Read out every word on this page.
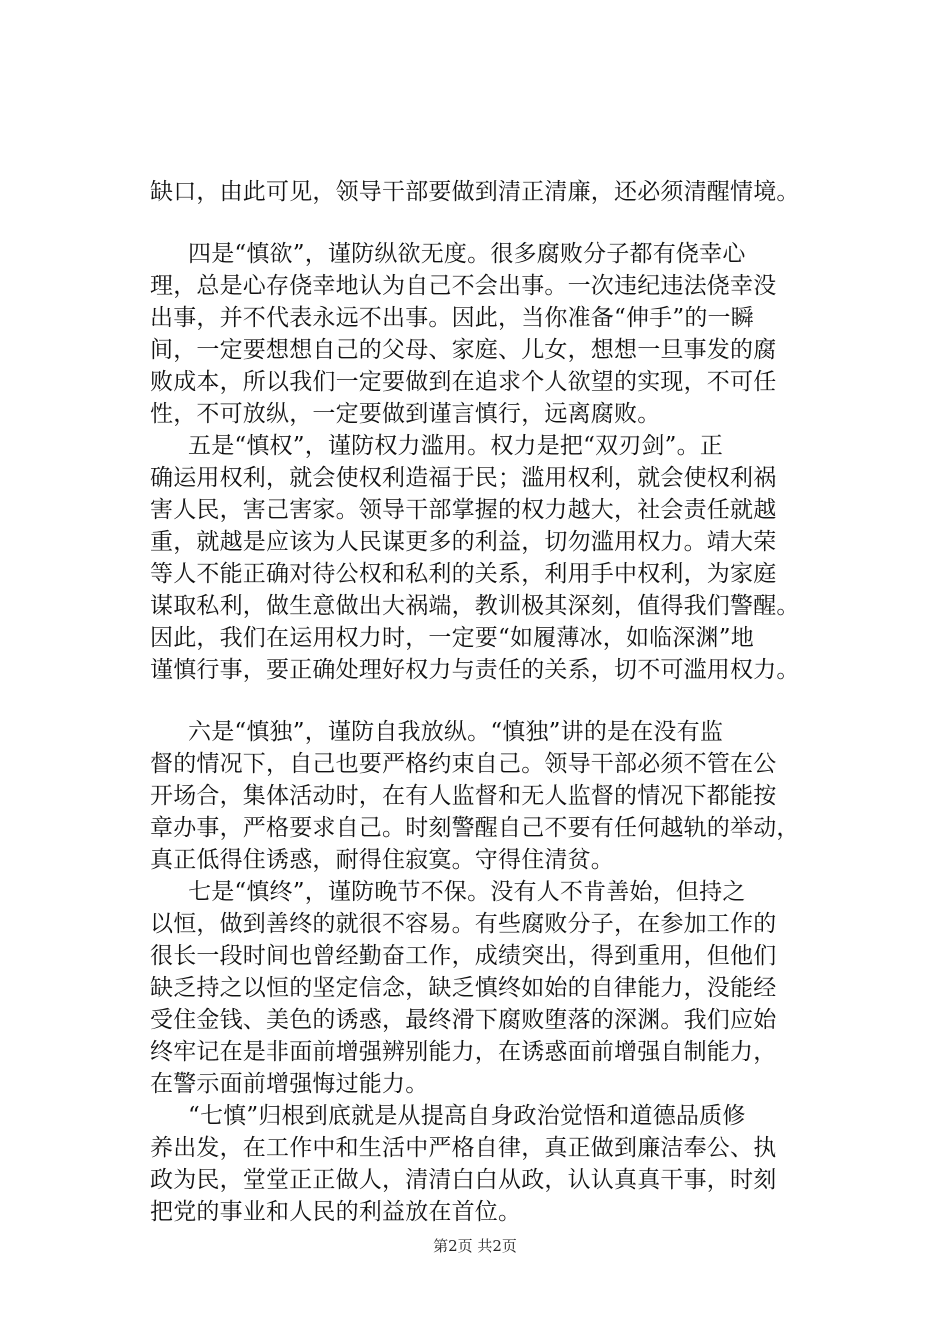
缺口，由此可见，领导干部要做到清正清廉，还必须清醒情境。
四是“慎欲”，谨防纵欲无度。很多腐败分子都有侥幸心
理，总是心存侥幸地认为自己不会出事。一次违纪违法侥幸没
出事，并不代表永远不出事。因此，当你准备“伸手”的一瞬
间，一定要想想自己的父母、家庭、儿女，想想一旦事发的腐
败成本，所以我们一定要做到在追求个人欲望的实现，不可任
性，不可放纵，一定要做到谨言慎行，远离腐败。
五是“慎权”，谨防权力滥用。权力是把“双刃剑”。正
确运用权利，就会使权利造福于民；滥用权利，就会使权利祸
害人民，害己害家。领导干部掌握的权力越大，社会责任就越
重，就越是应该为人民谋更多的利益，切勿滥用权力。靖大荣
等人不能正确对待公权和私利的关系，利用手中权利，为家庭
谋取私利，做生意做出大祸端，教训极其深刻，值得我们警醒。
因此，我们在运用权力时，一定要“如履薄冰，如临深渊”地
谨慎行事，要正确处理好权力与责任的关系，切不可滥用权力。
六是“慎独”，谨防自我放纵。“慎独”讲的是在没有监
督的情况下，自己也要严格约束自己。领导干部必须不管在公
开场合，集体活动时，在有人监督和无人监督的情况下都能按
章办事，严格要求自己。时刻警醒自己不要有任何越轨的举动，
真正低得住诱惑，耐得住寂寞。守得住清贫。
七是“慎终”，谨防晚节不保。没有人不肯善始，但持之
以恒，做到善终的就很不容易。有些腐败分子，在参加工作的
很长一段时间也曾经勤奋工作，成绩突出，得到重用，但他们
缺乏持之以恒的坚定信念，缺乏慎终如始的自律能力，没能经
受住金钱、美色的诱惑，最终滑下腐败堕落的深渊。我们应始
终牢记在是非面前增强辨别能力，在诱惑面前增强自制能力，
在警示面前增强悔过能力。
“七慎”归根到底就是从提高自身政治觉悟和道德品质修
养出发，在工作中和生活中严格自律，真正做到廉洁奉公、执
政为民，堂堂正正做人，清清白白从政，认认真真干事，时刻
把党的事业和人民的利益放在首位。
第2页 共2页
